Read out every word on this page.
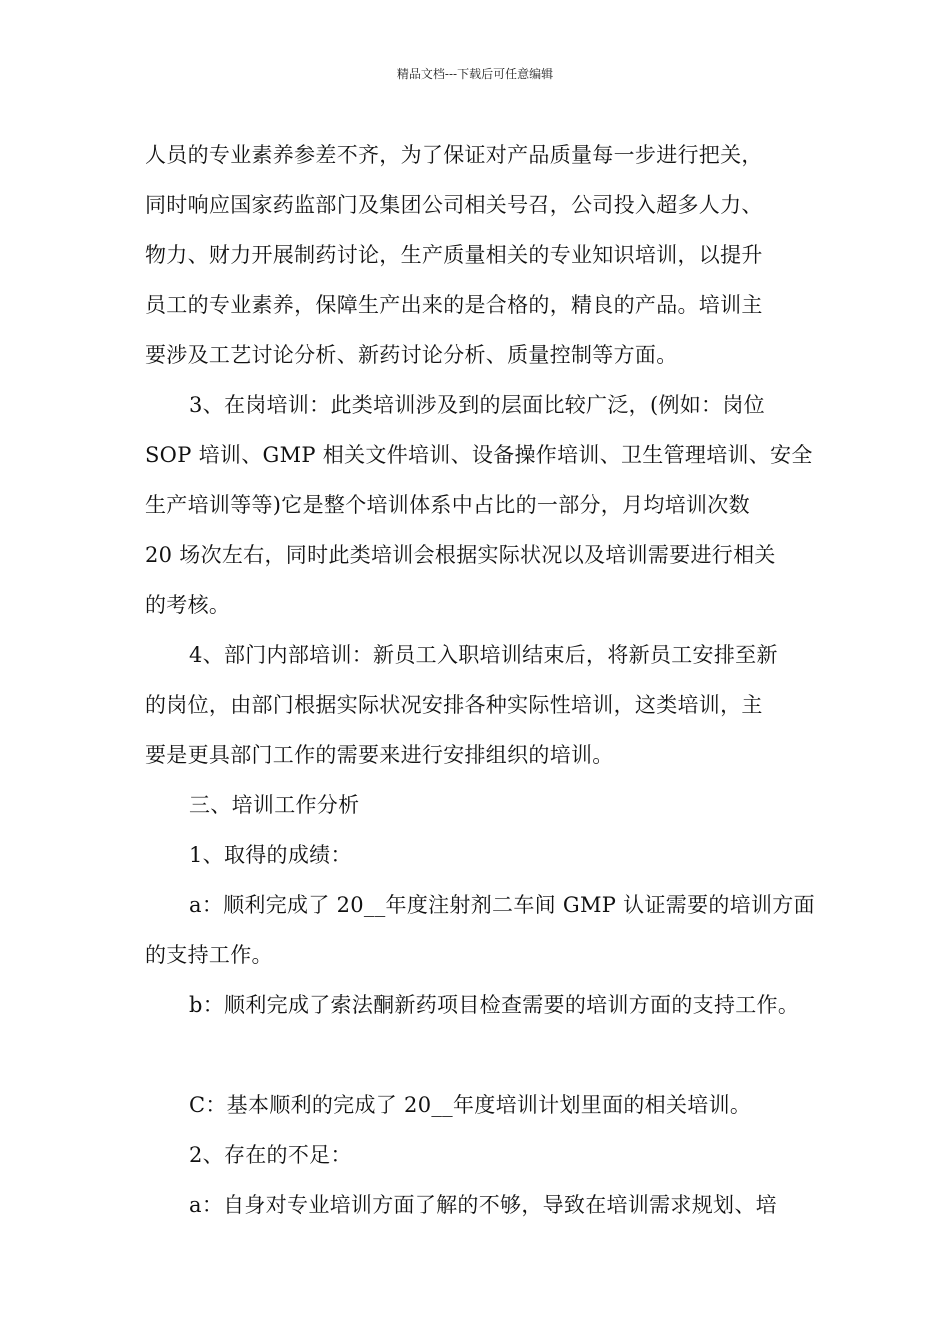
精品文档---下载后可任意编辑
人员的专业素养参差不齐，为了保证对产品质量每一步进行把关，
同时响应国家药监部门及集团公司相关号召，公司投入超多人力、
物力、财力开展制药讨论，生产质量相关的专业知识培训，以提升
员工的专业素养，保障生产出来的是合格的，精良的产品。培训主
要涉及工艺讨论分析、新药讨论分析、质量控制等方面。
3、在岗培训：此类培训涉及到的层面比较广泛，(例如：岗位
SOP 培训、GMP 相关文件培训、设备操作培训、卫生管理培训、安全
生产培训等等)它是整个培训体系中占比的一部分，月均培训次数
20 场次左右，同时此类培训会根据实际状况以及培训需要进行相关
的考核。
4、部门内部培训：新员工入职培训结束后，将新员工安排至新
的岗位，由部门根据实际状况安排各种实际性培训，这类培训，主
要是更具部门工作的需要来进行安排组织的培训。
三、培训工作分析
1、取得的成绩：
a：顺利完成了 20__年度注射剂二车间 GMP 认证需要的培训方面
的支持工作。
b：顺利完成了索法酮新药项目检查需要的培训方面的支持工作。
C：基本顺利的完成了 20__年度培训计划里面的相关培训。
2、存在的不足：
a：自身对专业培训方面了解的不够，导致在培训需求规划、培
